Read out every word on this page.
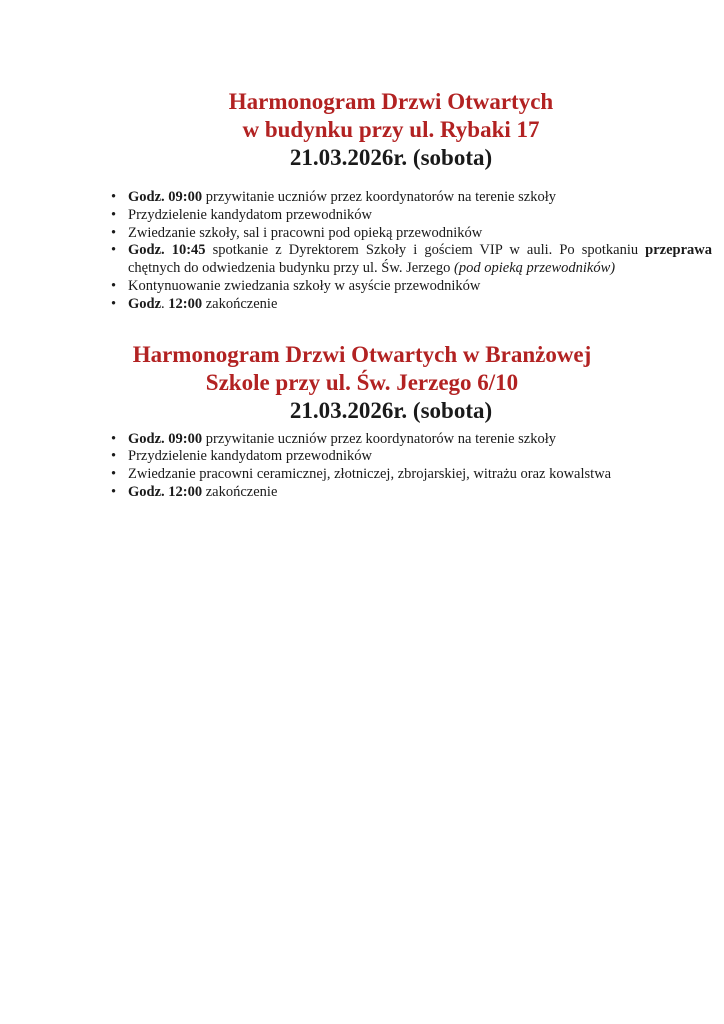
Harmonogram Drzwi Otwartych
w budynku przy ul. Rybaki 17
21.03.2026r. (sobota)
• Godz. 09:00 przywitanie uczniów przez koordynatorów na terenie szkoły
• Przydzielenie kandydatom przewodników
• Zwiedzanie szkoły, sal i pracowni pod opieką przewodników
• Godz. 10:45 spotkanie z Dyrektorem Szkoły i gościem VIP w auli. Po spotkaniu przeprawa
chętnych do odwiedzenia budynku przy ul. Św. Jerzego (pod opieką przewodników)
• Kontynuowanie zwiedzania szkoły w asyście przewodników
• Godz. 12:00 zakończenie
Harmonogram Drzwi Otwartych w Branżowej
Szkole przy ul. Św. Jerzego 6/10
21.03.2026r. (sobota)
• Godz. 09:00 przywitanie uczniów przez koordynatorów na terenie szkoły
• Przydzielenie kandydatom przewodników
• Zwiedzanie pracowni ceramicznej, złotniczej, zbrojarskiej, witrażu oraz kowalstwa
• Godz. 12:00 zakończenie
